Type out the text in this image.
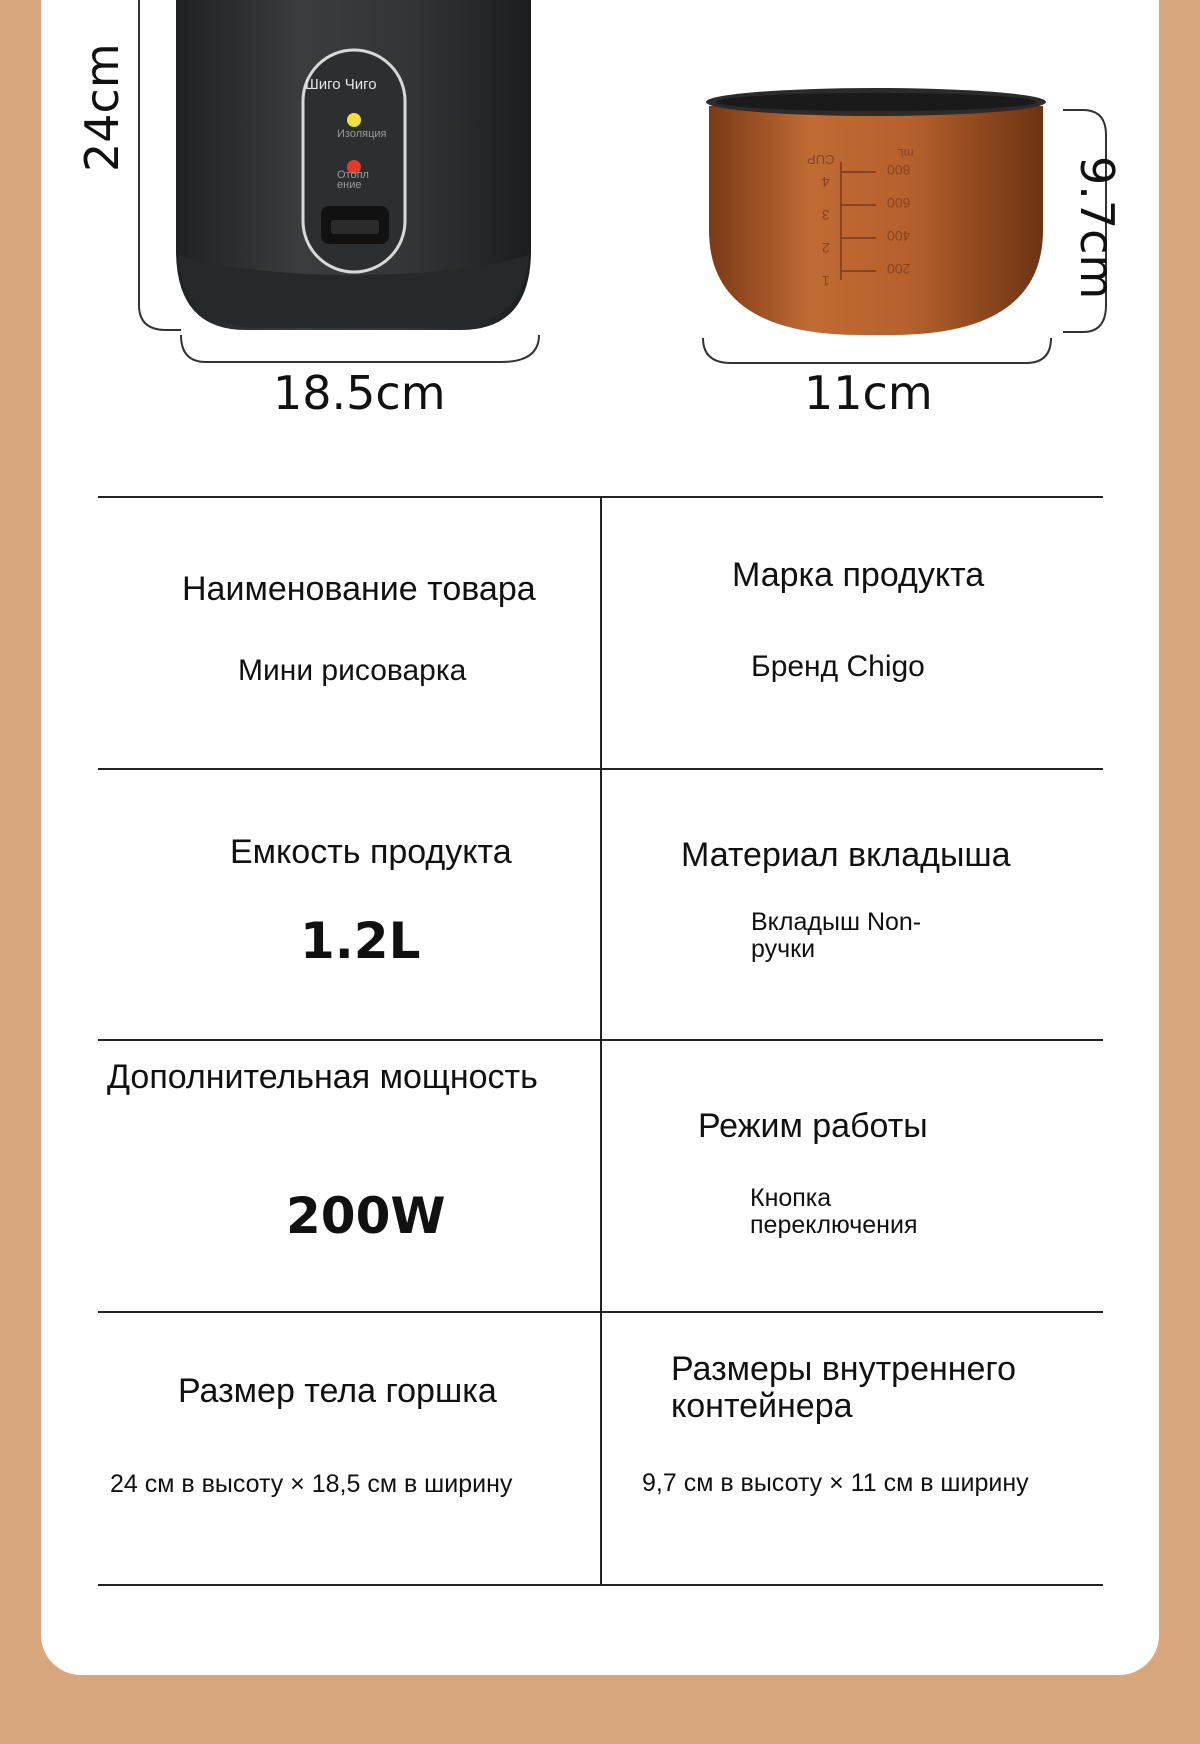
Шиго Чиго
Изоляция
Отопление
24cm
18.5cm
CUP	mL
800
600
400
200
4
3
2
1	9.7cm
11cm
Наименование товара
Мини рисоварка
Марка продукта
Бренд Chigo
Емкость продукта
1.2L
Материал вкладыша
Вкладыш Non-
ручки
Дополнительная мощность
200W
Режим работы
Кнопка
переключения
Размер тела горшка
24 см в высоту × 18,5 см в ширину
Размеры внутреннего
контейнера
9,7 см в высоту × 11 см в ширину
